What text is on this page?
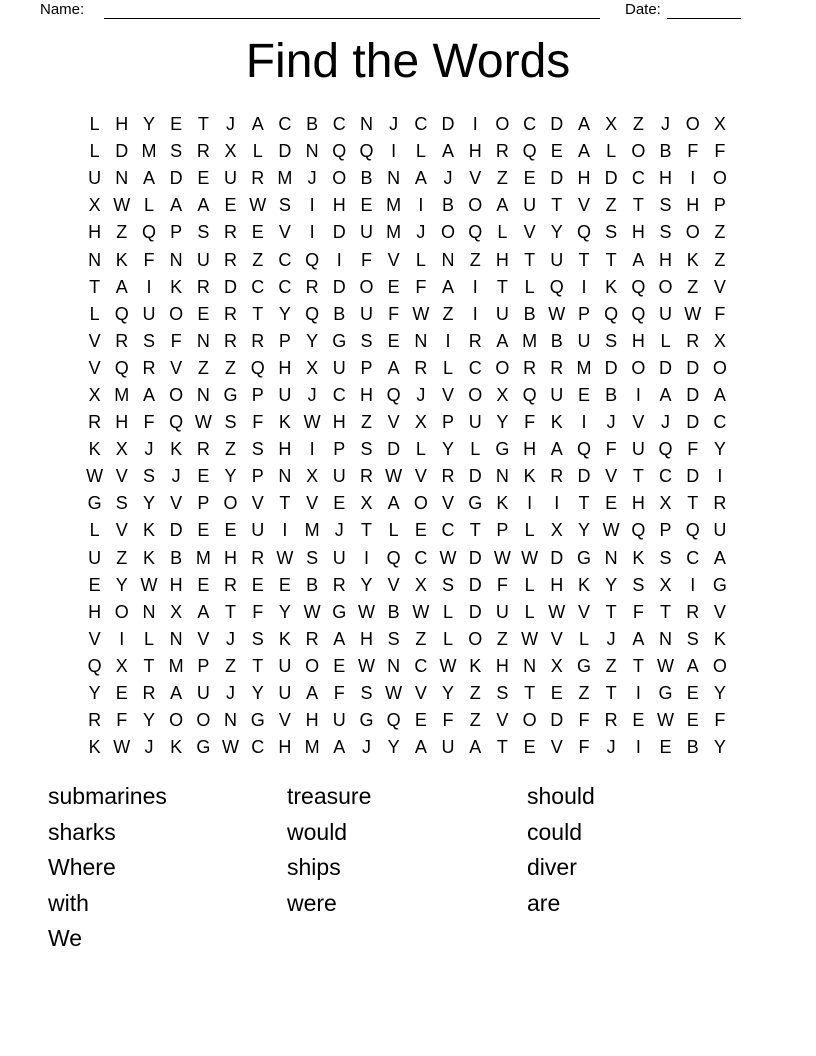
Name:	Date:
Find the Words
L H Y E T J A C B C N J C D	I O C D A X Z J O X
L D M S R X L D N Q Q I	L A H R Q E A L O B F F
U N A D E U R M J O B N A J V Z E D H D C H	I O
X W L A A E W S	I	H E M I	B O A U T V Z T S H P
H Z Q P S R E V	I	D U M J O Q L V Y Q S H S O Z
N K F N U R Z C Q I	F V L N Z H T U T T A H K Z
T A	I	K R D C C R D O E F A	I	T L Q I	K Q O Z V
L Q U O E R T Y Q B U F W Z	I	U B W P Q Q U W F
V R S F N R R P Y G S E N	I	R A M B U S H L R X
V Q R V Z Z Q H X U P A R L C O R R M D O D D O
X M A O N G P U J C H Q J V O X Q U E B	I	A D A
R H F Q W S F K W H Z V X P U Y F K	I	J V J D C
K X J K R Z S H	I	P S D L Y L G H A Q F U Q F Y
W V S J E Y P N X U R W V R D N K R D V T C D	I
G S Y V P O V T V E X A O V G K	I	I	T E H X T R
L V K D E E U	I M J T L E C T P L X Y W Q P Q U
U Z K B M H R W S U	I Q C W D W W D G N K S C A
E Y W H E R E E B R Y V X S D F L H K Y S X	I G
H O N X A T F Y W G W B W L D U L W V T F T R V
V	I	L N V J S K R A H S Z L O Z W V L J A N S K
Q X T M P Z T U O E W N C W K H N X G Z T W A O
Y E R A U J Y U A F S W V Y Z S T E Z T	I G E Y
R F Y O O N G V H U G Q E F Z V O D F R E W E F
K W J K G W C H M A J Y A U A T E V F J	I	E B Y
submarines
sharks
Where
with
We
treasure
would
ships
were
should
could
diver
are
